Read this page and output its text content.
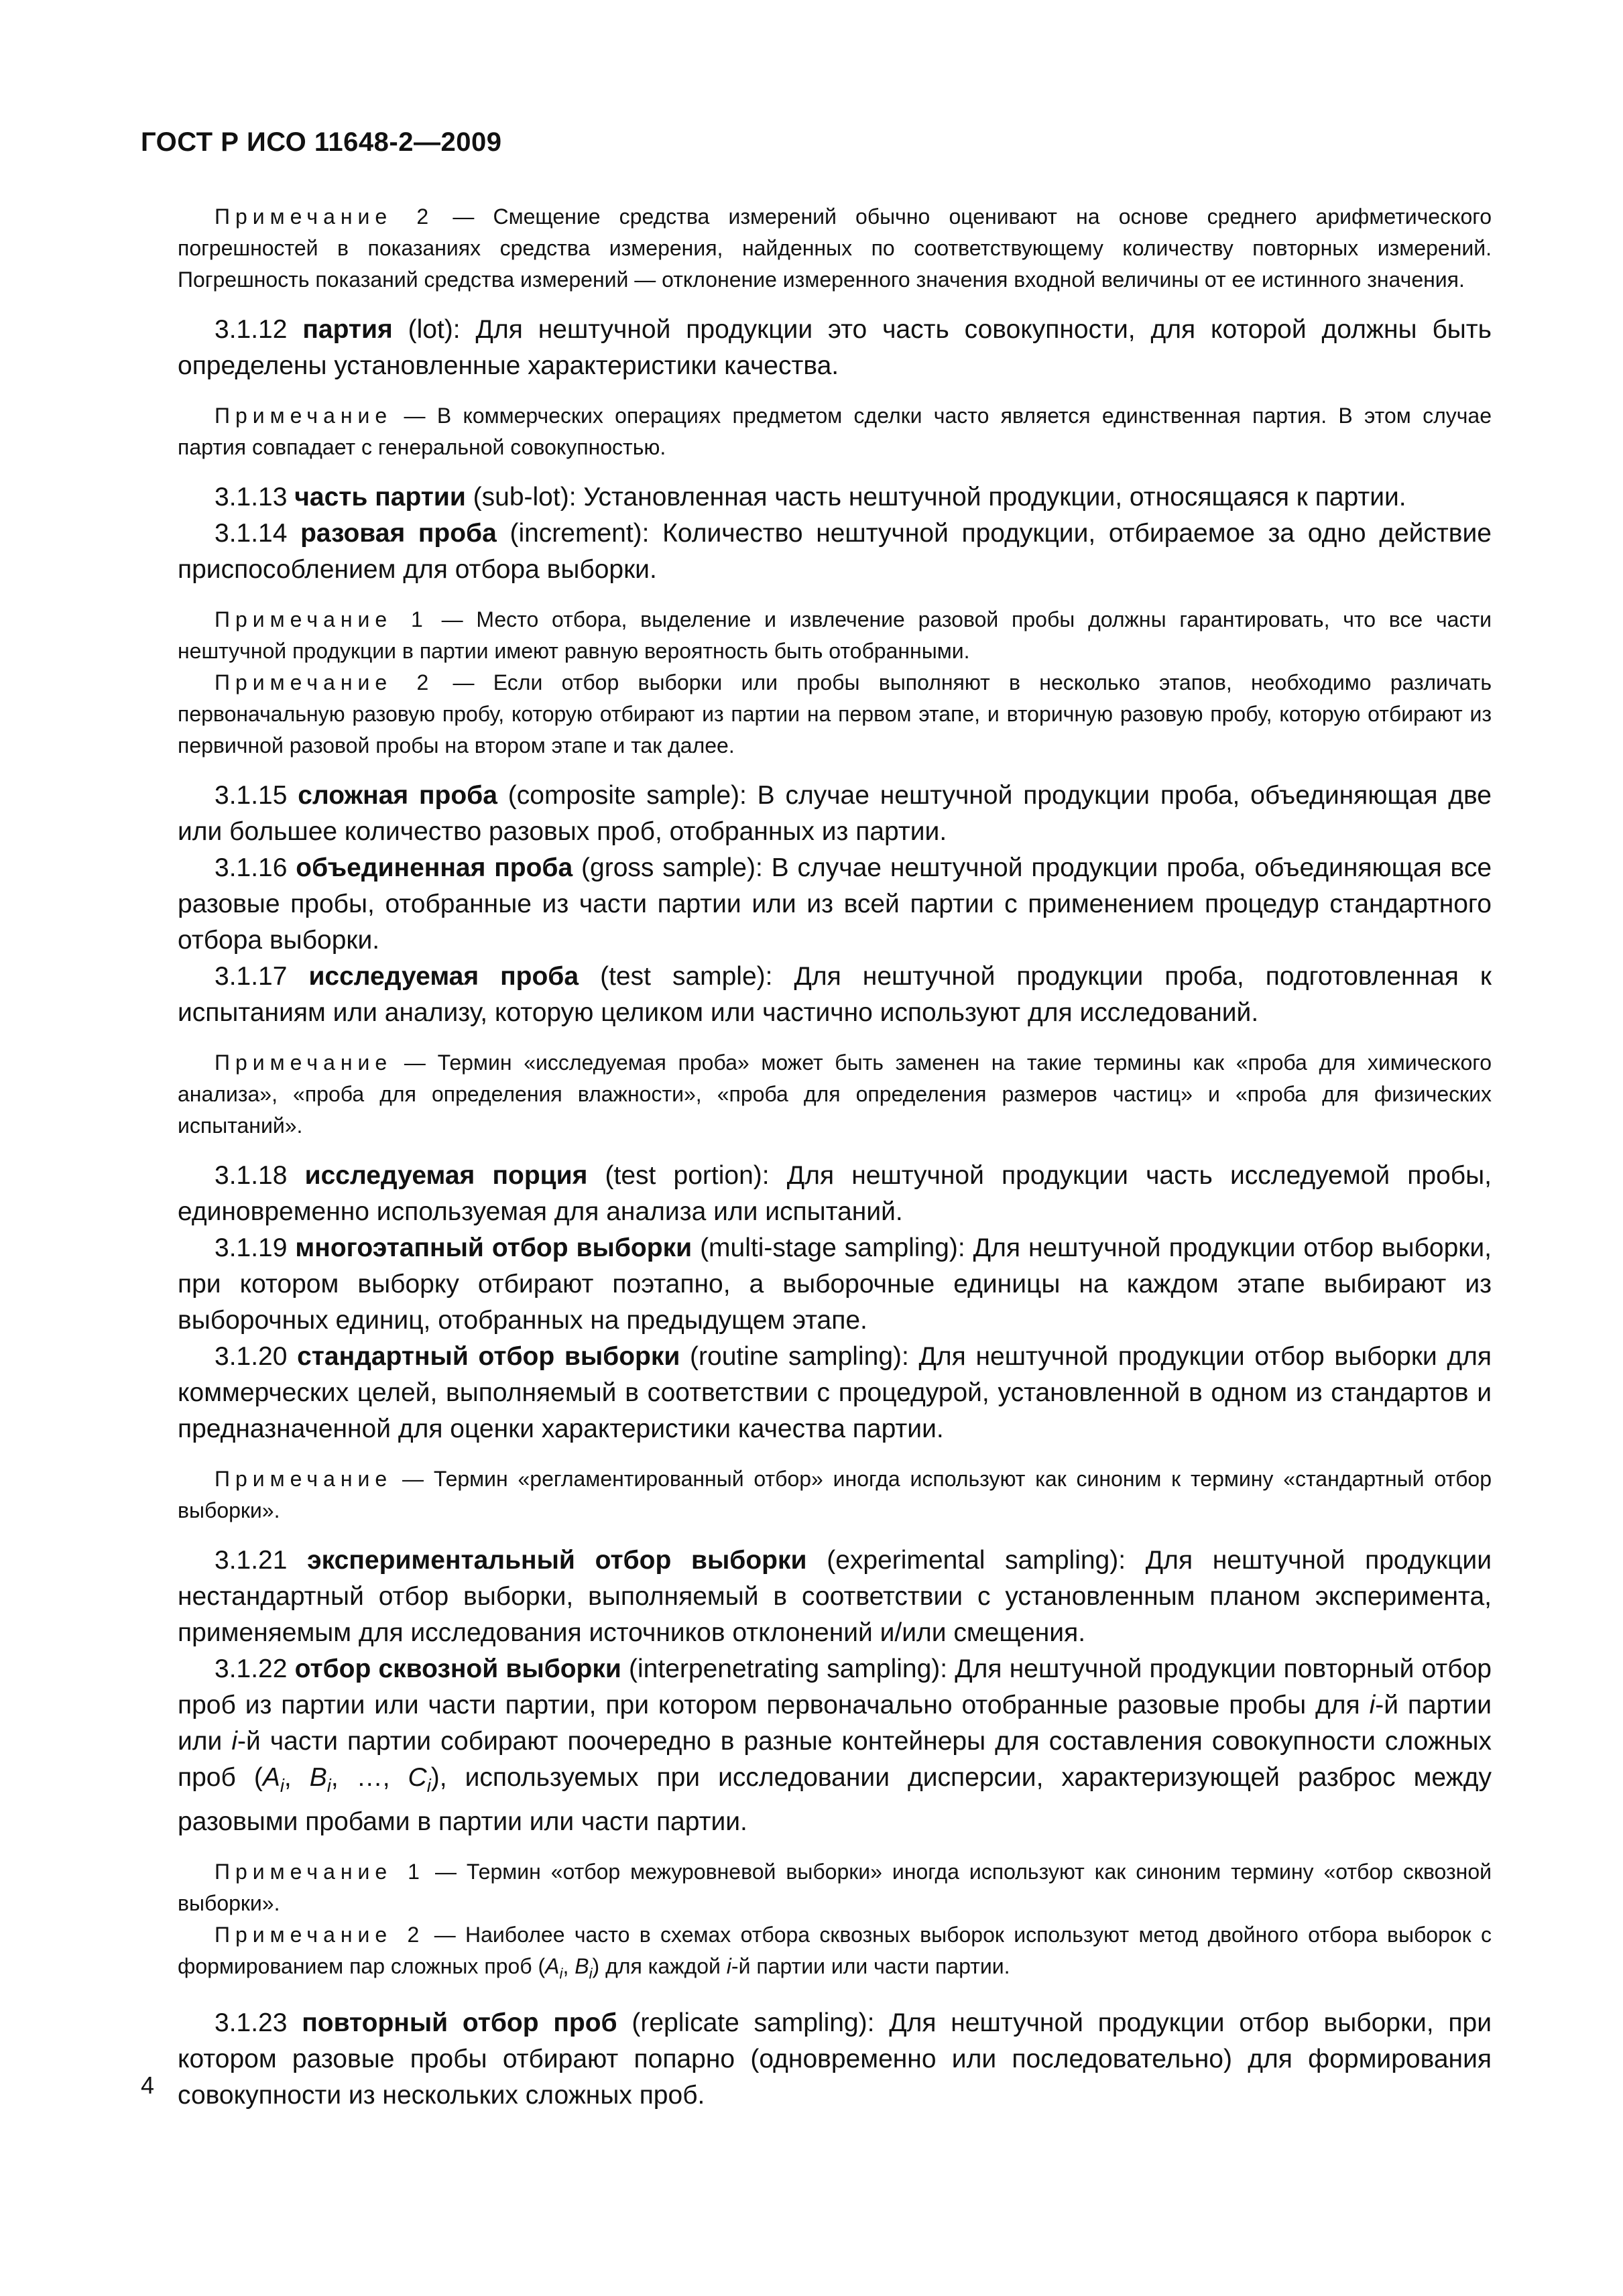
ГОСТ Р ИСО 11648-2—2009

Примечание 2 — Смещение средства измерений обычно оценивают на основе среднего арифметического погрешностей в показаниях средства измерения, найденных по соответствующему количеству повторных измерений. Погрешность показаний средства измерений — отклонение измеренного значения входной величины от ее истинного значения.

3.1.12 партия (lot): Для нештучной продукции это часть совокупности, для которой должны быть определены установленные характеристики качества.

Примечание — В коммерческих операциях предметом сделки часто является единственная партия. В этом случае партия совпадает с генеральной совокупностью.

3.1.13 часть партии (sub-lot): Установленная часть нештучной продукции, относящаяся к партии.

3.1.14 разовая проба (increment): Количество нештучной продукции, отбираемое за одно действие приспособлением для отбора выборки.

Примечание 1 — Место отбора, выделение и извлечение разовой пробы должны гарантировать, что все части нештучной продукции в партии имеют равную вероятность быть отобранными.

Примечание 2 — Если отбор выборки или пробы выполняют в несколько этапов, необходимо различать первоначальную разовую пробу, которую отбирают из партии на первом этапе, и вторичную разовую пробу, которую отбирают из первичной разовой пробы на втором этапе и так далее.

3.1.15 сложная проба (composite sample): В случае нештучной продукции проба, объединяющая две или большее количество разовых проб, отобранных из партии.

3.1.16 объединенная проба (gross sample): В случае нештучной продукции проба, объединяющая все разовые пробы, отобранные из части партии или из всей партии с применением процедур стандартного отбора выборки.

3.1.17 исследуемая проба (test sample): Для нештучной продукции проба, подготовленная к испытаниям или анализу, которую целиком или частично используют для исследований.

Примечание — Термин «исследуемая проба» может быть заменен на такие термины как «проба для химического анализа», «проба для определения влажности», «проба для определения размеров частиц» и «проба для физических испытаний».

3.1.18 исследуемая порция (test portion): Для нештучной продукции часть исследуемой пробы, единовременно используемая для анализа или испытаний.

3.1.19 многоэтапный отбор выборки (multi-stage sampling): Для нештучной продукции отбор выборки, при котором выборку отбирают поэтапно, а выборочные единицы на каждом этапе выбирают из выборочных единиц, отобранных на предыдущем этапе.

3.1.20 стандартный отбор выборки (routine sampling): Для нештучной продукции отбор выборки для коммерческих целей, выполняемый в соответствии с процедурой, установленной в одном из стандартов и предназначенной для оценки характеристики качества партии.

Примечание — Термин «регламентированный отбор» иногда используют как синоним к термину «стандартный отбор выборки».

3.1.21 экспериментальный отбор выборки (experimental sampling): Для нештучной продукции нестандартный отбор выборки, выполняемый в соответствии с установленным планом эксперимента, применяемым для исследования источников отклонений и/или смещения.

3.1.22 отбор сквозной выборки (interpenetrating sampling): Для нештучной продукции повторный отбор проб из партии или части партии, при котором первоначально отобранные разовые пробы для i-й партии или i-й части партии собирают поочередно в разные контейнеры для составления совокупности сложных проб ($A_i$, $B_i$, …, $C_i$), используемых при исследовании дисперсии, характеризующей разброс между разовыми пробами в партии или части партии.

Примечание 1 — Термин «отбор межуровневой выборки» иногда используют как синоним термину «отбор сквозной выборки».

Примечание 2 — Наиболее часто в схемах отбора сквозных выборок используют метод двойного отбора выборок с формированием пар сложных проб ($A_i$, $B_i$) для каждой i-й партии или части партии.

3.1.23 повторный отбор проб (replicate sampling): Для нештучной продукции отбор выборки, при котором разовые пробы отбирают попарно (одновременно или последовательно) для формирования совокупности из нескольких сложных проб.

4
